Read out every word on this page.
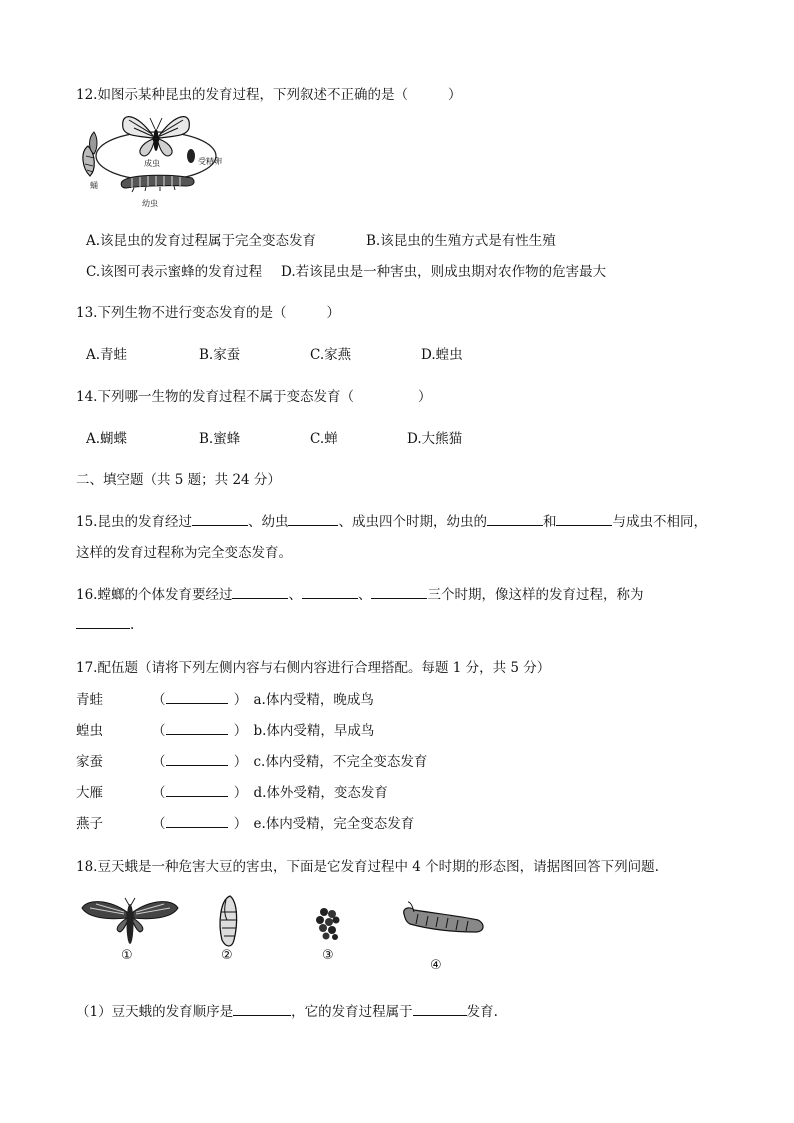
12.如图示某种昆虫的发育过程，下列叙述不正确的是（	）
成虫	受精卵
蛹
幼虫
A.该昆虫的发育过程属于完全变态发育	B.该昆虫的生殖方式是有性生殖
C.该图可表示蜜蜂的发育过程 D.若该昆虫是一种害虫，则成虫期对农作物的危害最大
13.下列生物不进行变态发育的是（	）
A.青蛙	B.家蚕	C.家燕	D.蝗虫
14.下列哪一生物的发育过程不属于变态发育（	）
A.蝴蝶	B.蜜蜂	C.蝉	D.大熊猫
二、填空题（共 5 题；共 24 分）
15.昆虫的发育经过	、幼虫	、成虫四个时期，幼虫的	和	与成虫不相同，
这样的发育过程称为完全变态发育。
16.螳螂的个体发育要经过	、	、	三个时期，像这样的发育过程，称为
.
17.配伍题（请将下列左侧内容与右侧内容进行合理搭配。每题 1 分，共 5 分）
青蛙	（	） a.体内受精，晚成鸟
蝗虫	（	） b.体内受精，早成鸟
家蚕	（	） c.体内受精，不完全变态发育
大雁	（	） d.体外受精，变态发育
燕子	（	） e.体内受精，完全变态发育
18.豆天蛾是一种危害大豆的害虫，下面是它发育过程中 4 个时期的形态图，请据图回答下列问题.
①	②	③
④
（1）豆天蛾的发育顺序是	，它的发育过程属于	发育.
